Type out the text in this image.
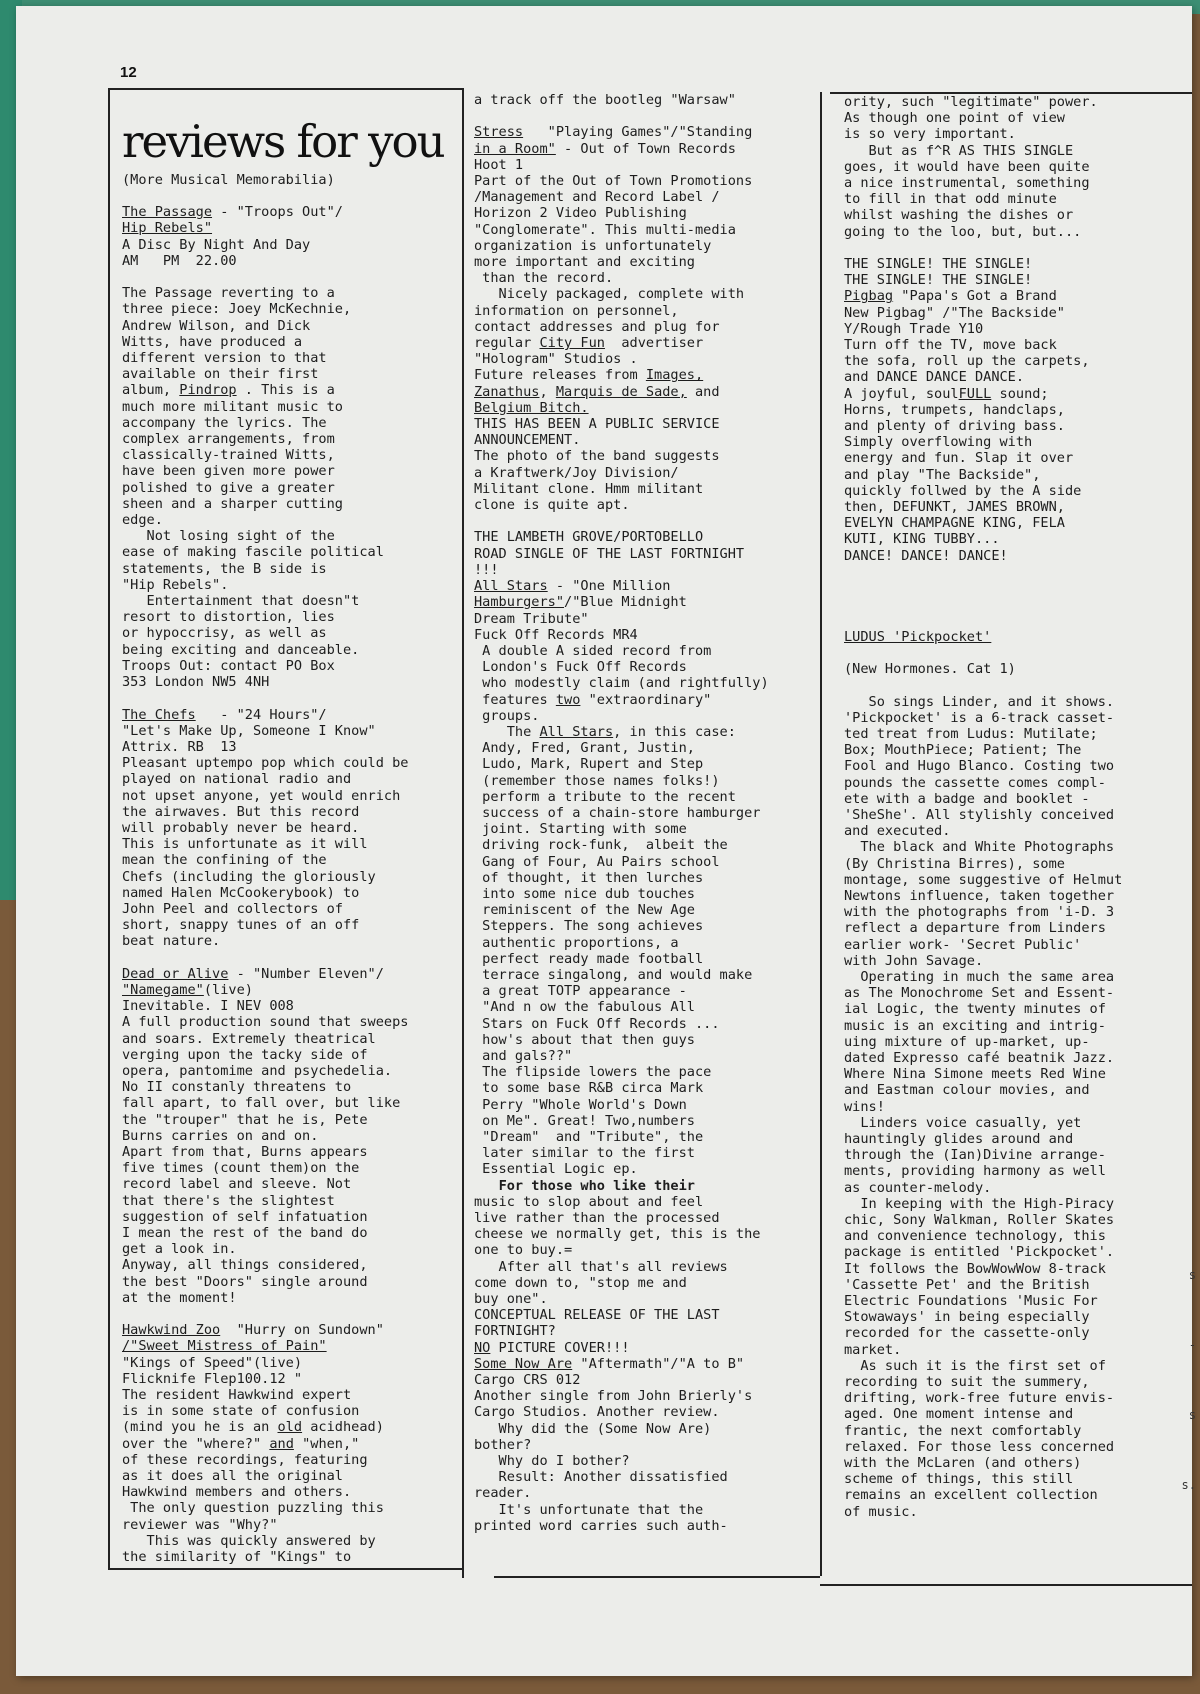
12
reviews for you

(More Musical Memorabilia)

The Passage - "Troops Out"/

Hip Rebels"

A Disc By Night And Day

AM   PM  22.00

The Passage reverting to a

three piece: Joey McKechnie,

Andrew Wilson, and Dick

Witts, have produced a

different version to that

available on their first

album, Pindrop . This is a

much more militant music to

accompany the lyrics. The

complex arrangements, from

classically-trained Witts,

have been given more power

polished to give a greater

sheen and a sharper cutting

edge.

Not losing sight of the

ease of making fascile political

statements, the B side is

"Hip Rebels".

Entertainment that doesn"t

resort to distortion, lies

or hypoccrisy, as well as

being exciting and danceable.

Troops Out: contact PO Box

353 London NW5 4NH

The Chefs   - "24 Hours"/

"Let's Make Up, Someone I Know"

Attrix. RB  13

Pleasant uptempo pop which could be

played on national radio and

not upset anyone, yet would enrich

the airwaves. But this record

will probably never be heard.

This is unfortunate as it will

mean the confining of the

Chefs (including the gloriously

named Halen McCookerybook) to

John Peel and collectors of

short, snappy tunes of an off

beat nature.

Dead or Alive - "Number Eleven"/

"Namegame"(live)

Inevitable. I NEV 008

A full production sound that sweeps

and soars. Extremely theatrical

verging upon the tacky side of

opera, pantomime and psychedelia.

No II constanly threatens to

fall apart, to fall over, but like

the "trouper" that he is, Pete

Burns carries on and on.

Apart from that, Burns appears

five times (count them)on the

record label and sleeve. Not

that there's the slightest

suggestion of self infatuation

I mean the rest of the band do

get a look in.

Anyway, all things considered,

the best "Doors" single around

at the moment!

Hawkwind Zoo  "Hurry on Sundown"

/"Sweet Mistress of Pain"

"Kings of Speed"(live)

Flicknife Flep100.12 "

The resident Hawkwind expert

is in some state of confusion

(mind you he is an old acidhead)

over the "where?" and "when,"

of these recordings, featuring

as it does all the original

Hawkwind members and others.

The only question puzzling this

reviewer was "Why?"

This was quickly answered by

the similarity of "Kings" to

a track off the bootleg "Warsaw"

Stress   "Playing Games"/"Standing

in a Room" - Out of Town Records

Hoot 1

Part of the Out of Town Promotions

/Management and Record Label /

Horizon 2 Video Publishing

"Conglomerate". This multi-media

organization is unfortunately

more important and exciting

than the record.

Nicely packaged, complete with

information on personnel,

contact addresses and plug for

regular City Fun  advertiser

"Hologram" Studios .

Future releases from Images,

Zanathus, Marquis de Sade, and

Belgium Bitch.

THIS HAS BEEN A PUBLIC SERVICE

ANNOUNCEMENT.

The photo of the band suggests

a Kraftwerk/Joy Division/

Militant clone. Hmm militant

clone is quite apt.

THE LAMBETH GROVE/PORTOBELLO

ROAD SINGLE OF THE LAST FORTNIGHT

!!!

All Stars - "One Million

Hamburgers"/"Blue Midnight

Dream Tribute"

Fuck Off Records MR4

A double A sided record from

London's Fuck Off Records

who modestly claim (and rightfully)

features two "extraordinary"

groups.

The All Stars, in this case:

Andy, Fred, Grant, Justin,

Ludo, Mark, Rupert and Step

(remember those names folks!)

perform a tribute to the recent

success of a chain-store hamburger

joint. Starting with some

driving rock-funk,  albeit the

Gang of Four, Au Pairs school

of thought, it then lurches

into some nice dub touches

reminiscent of the New Age

Steppers. The song achieves

authentic proportions, a

perfect ready made football

terrace singalong, and would make

a great TOTP appearance -

"And n ow the fabulous All

Stars on Fuck Off Records ...

how's about that then guys

and gals??"

The flipside lowers the pace

to some base R&B circa Mark

Perry "Whole World's Down

on Me". Great! Two,numbers

"Dream"  and "Tribute", the

later similar to the first

Essential Logic ep.

For those who like their

music to slop about and feel

live rather than the processed

cheese we normally get, this is the

one to buy.=

After all that's all reviews

come down to, "stop me and

buy one".

CONCEPTUAL RELEASE OF THE LAST

FORTNIGHT?

NO PICTURE COVER!!!

Some Now Are "Aftermath"/"A to B"

Cargo CRS 012

Another single from John Brierly's

Cargo Studios. Another review.

Why did the (Some Now Are)

bother?

Why do I bother?

Result: Another dissatisfied

reader.

It's unfortunate that the

printed word carries such auth-

ority, such "legitimate" power.

As though one point of view

is so very important.

But as f^R AS THIS SINGLE

goes, it would have been quite

a nice instrumental, something

to fill in that odd minute

whilst washing the dishes or

going to the loo, but, but...

THE SINGLE! THE SINGLE!

THE SINGLE! THE SINGLE!

Pigbag "Papa's Got a Brand

New Pigbag" /"The Backside"

Y/Rough Trade Y10

Turn off the TV, move back

the sofa, roll up the carpets,

and DANCE DANCE DANCE.

A joyful, soulFULL sound;

Horns, trumpets, handclaps,

and plenty of driving bass.

Simply overflowing with

energy and fun. Slap it over

and play "The Backside",

quickly follwed by the A side

then, DEFUNKT, JAMES BROWN,

EVELYN CHAMPAGNE KING, FELA

KUTI, KING TUBBY...

DANCE! DANCE! DANCE!

LUDUS 'Pickpocket'

(New Hormones. Cat 1)

So sings Linder, and it shows.

'Pickpocket' is a 6-track casset-

ted treat from Ludus: Mutilate;

Box; MouthPiece; Patient; The

Fool and Hugo Blanco. Costing two

pounds the cassette comes compl-

ete with a badge and booklet -

'SheShe'. All stylishly conceived

and executed.

The black and White Photographs

(By Christina Birres), some

montage, some suggestive of Helmut

Newtons influence, taken together

with the photographs from 'i-D. 3

reflect a departure from Linders

earlier work- 'Secret Public'

with John Savage.

Operating in much the same area

as The Monochrome Set and Essent-

ial Logic, the twenty minutes of

music is an exciting and intrig-

uing mixture of up-market, up-

dated Expresso café beatnik Jazz.

Where Nina Simone meets Red Wine

and Eastman colour movies, and

wins!

Linders voice casually, yet

hauntingly glides around and

through the (Ian)Divine arrange-

ments, providing harmony as well

as counter-melody.

In keeping with the High-Piracy

chic, Sony Walkman, Roller Skates

and convenience technology, this

package is entitled 'Pickpocket'.

It follows the BowWowWow 8-track

'Cassette Pet' and the British

Electric Foundations 'Music For

Stowaways' in being especially

recorded for the cassette-only

market.

As such it is the first set of

recording to suit the summery,

drifting, work-free future envis-

aged. One moment intense and

frantic, the next comfortably

relaxed. For those less concerned

with the McLaren (and others)

scheme of things, this still

remains an excellent collection

of music.

s
-
s
s.
